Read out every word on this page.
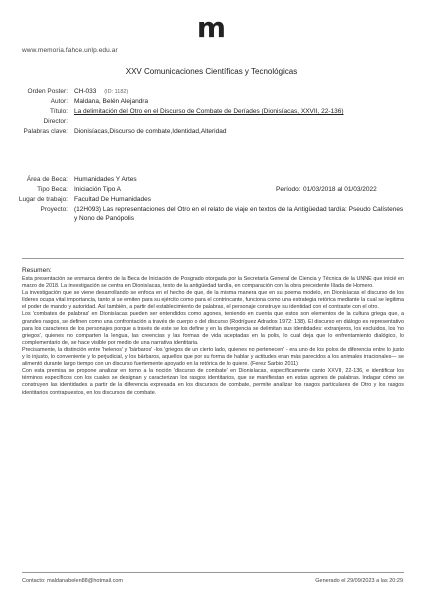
m
www.memoria.fahce.unlp.edu.ar
XXV Comunicaciones Científicas y Tecnológicas
Orden Poster: CH-033 (ID: 1182)
Autor: Maldana, Belén Alejandra
Título: La delimitación del Otro en el Discurso de Combate de Deríades (Dionisíacas, XXVII, 22-136)
Director:
Palabras clave: Dionisíacas,Discurso de combate,Identidad,Alteridad
Área de Beca: Humanidades Y Artes
Tipo Beca: Iniciación Tipo A	Período: 01/03/2018 al 01/03/2022
Lugar de trabajo: Facultad De Humanidades
Proyecto: (12H093) Las representaciones del Otro en el relato de viaje en textos de la Antigüedad tardía: Pseudo Calístenes
y Nono de Panópolis
Resumen:

Esta presentación se enmarca dentro de la Beca de Iniciación de Posgrado otorgada por la Secretaría General de Ciencia y Técnica de la UNNE que inicié en marzo de 2018. La investigación se centra en Dionisíacas, texto de la antigüedad tardía, en comparación con la obra precedente Ilíada de Homero.

La investigación que se viene desarrollando se enfoca en el hecho de que, de la misma manera que en su poema modelo, en Dionisíacas el discurso de los líderes ocupa vital importancia, tanto si se emiten para su ejército como para el contrincante, funciona como una estrategia retórica mediante la cual se legitima el poder de mando y autoridad. Así también, a partir del establecimiento de palabras, el personaje construye su identidad con el contraste con el otro.

Los 'combates de palabras' en Dionisíacas pueden ser entendidos como agones, teniendo en cuenta que estos son elementos de la cultura griega que, a grandes rasgos, se definen como una confrontación a través de cuerpo o del discurso (Rodríguez Adrados 1972: 138). El discurso en diálogo es representativo para los caracteres de los personajes porque a través de este se los define y en la divergencia se delimitan sus identidades: extranjeros, los excluidos, los 'no griegos', quienes no comparten la lengua, las creencias y las formas de vida aceptadas en la polis, lo cual deja que lo enfrentamiento dialógico, lo complementario de, se hace visible por medio de una narrativa identitaria.

Precisamente, la distinción entre 'helenos' y 'bárbaros' -los 'griegos de un cierto lado, quienes no pertenecen' - era uno de los polos de diferencia entre lo justo y lo injusto, lo conveniente y lo perjudicial, y los bárbaros, aquellos que por su forma de hablar y actitudes eran más parecidos a los animales irracionales— se alimentó durante largo tiempo con un discurso fuertemente apoyado en la retórica de lo quiere. (Ferez Sarbio 2011)

Con esta premisa se propone analizar en torno a la noción 'discurso de combate' en Dionisíacas, específicamente canto XXVII, 22-136, e identificar los términos específicos con los cuales se designan y caracterizan los rasgos identitarios, que se manifiestan en estas agones de palabras. Indagar cómo se construyen las identidades a partir de la diferencia expresada en los discursos de combate, permite analizar los rasgos particulares de Otro y los rasgos identitarios contrapuestos, en los discursos de combate.

Contacto: maldanabelen88@hotmail.com	Generado el 29/09/2023 a las 20:29
